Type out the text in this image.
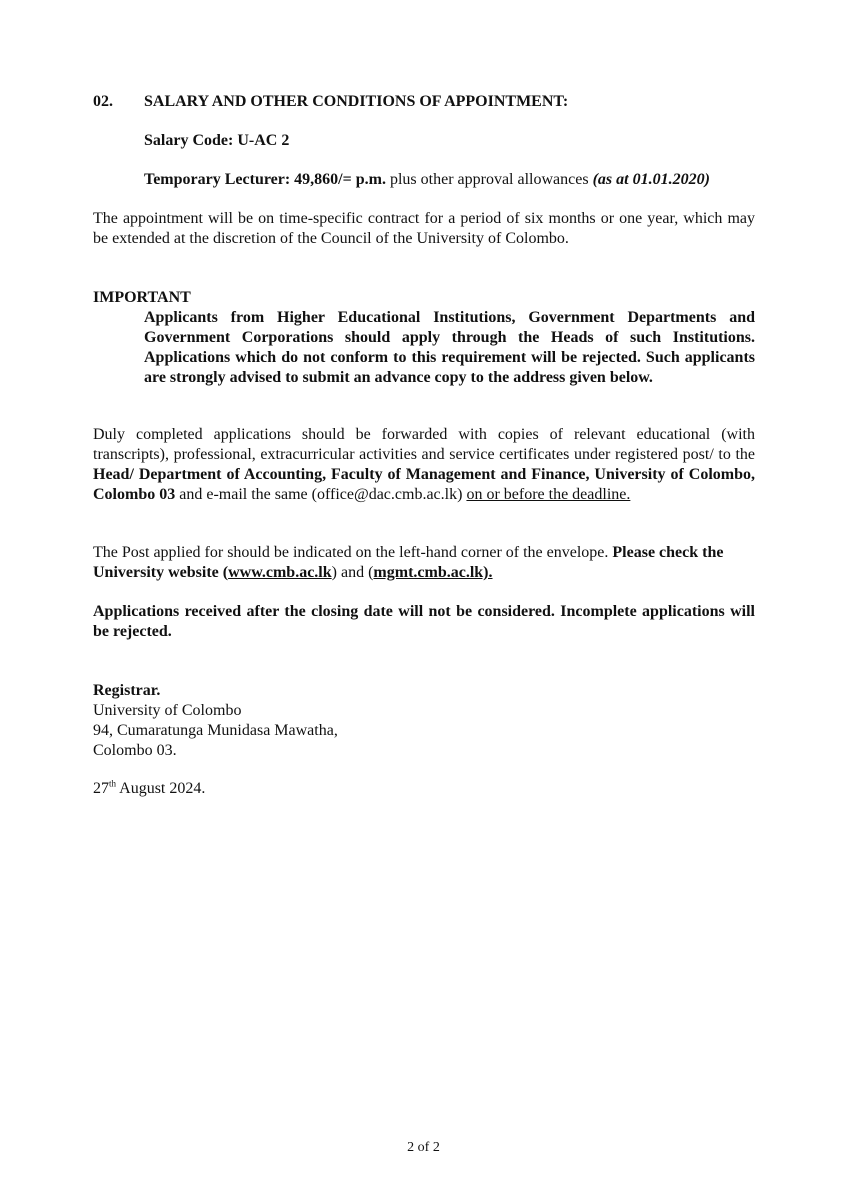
02. SALARY AND OTHER CONDITIONS OF APPOINTMENT:
Salary Code: U-AC 2
Temporary Lecturer: 49,860/= p.m. plus other approval allowances (as at 01.01.2020)
The appointment will be on time-specific contract for a period of six months or one year, which may be extended at the discretion of the Council of the University of Colombo.
IMPORTANT
Applicants from Higher Educational Institutions, Government Departments and Government Corporations should apply through the Heads of such Institutions. Applications which do not conform to this requirement will be rejected. Such applicants are strongly advised to submit an advance copy to the address given below.
Duly completed applications should be forwarded with copies of relevant educational (with transcripts), professional, extracurricular activities and service certificates under registered post/ to the Head/ Department of Accounting, Faculty of Management and Finance, University of Colombo, Colombo 03 and e-mail the same (office@dac.cmb.ac.lk) on or before the deadline.
The Post applied for should be indicated on the left-hand corner of the envelope. Please check the University website (www.cmb.ac.lk) and (mgmt.cmb.ac.lk).
Applications received after the closing date will not be considered. Incomplete applications will be rejected.
Registrar.
University of Colombo
94, Cumaratunga Munidasa Mawatha,
Colombo 03.
27th August 2024.
2 of 2
